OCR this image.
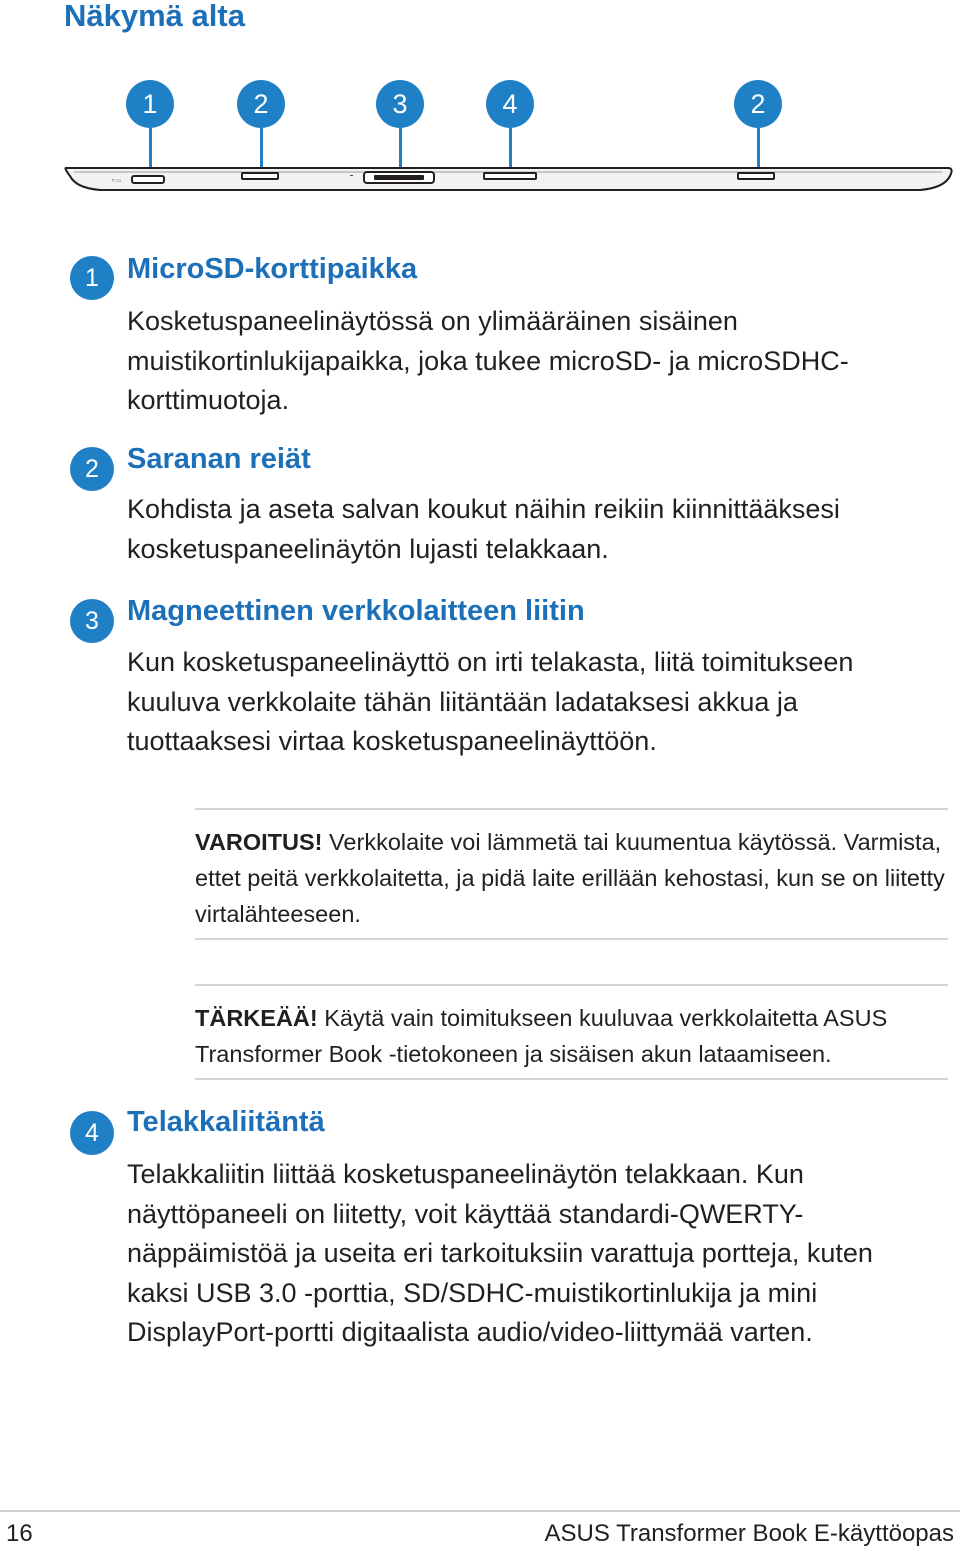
Näkymä alta
1	2	3	4	2
≈ ▭
⎓
1 MicroSD-korttipaikka

Kosketuspaneelinäytössä on ylimääräinen sisäinen muistikortinlukijapaikka, joka tukee microSD- ja microSDHC-korttimuotoja.

2 Saranan reiät

Kohdista ja aseta salvan koukut näihin reikiin kiinnittääksesi kosketuspaneelinäytön lujasti telakkaan.

3 Magneettinen verkkolaitteen liitin

Kun kosketuspaneelinäyttö on irti telakasta, liitä toimitukseen kuuluva verkkolaite tähän liitäntään ladataksesi akkua ja tuottaaksesi virtaa kosketuspaneelinäyttöön.

VAROITUS! Verkkolaite voi lämmetä tai kuumentua käytössä. Varmista, ettet peitä verkkolaitetta, ja pidä laite erillään kehostasi, kun se on liitetty virtalähteeseen.

TÄRKEÄÄ! Käytä vain toimitukseen kuuluvaa verkkolaitetta ASUS Transformer Book -tietokoneen ja sisäisen akun lataamiseen.

4 Telakkaliitäntä

Telakkaliitin liittää kosketuspaneelinäytön telakkaan. Kun näyttöpaneeli on liitetty, voit käyttää standardi-QWERTY-näppäimistöä ja useita eri tarkoituksiin varattuja portteja, kuten kaksi USB 3.0 -porttia, SD/SDHC-muistikortinlukija ja mini DisplayPort-portti digitaalista audio/video-liittymää varten.

16	ASUS Transformer Book E-käyttöopas
